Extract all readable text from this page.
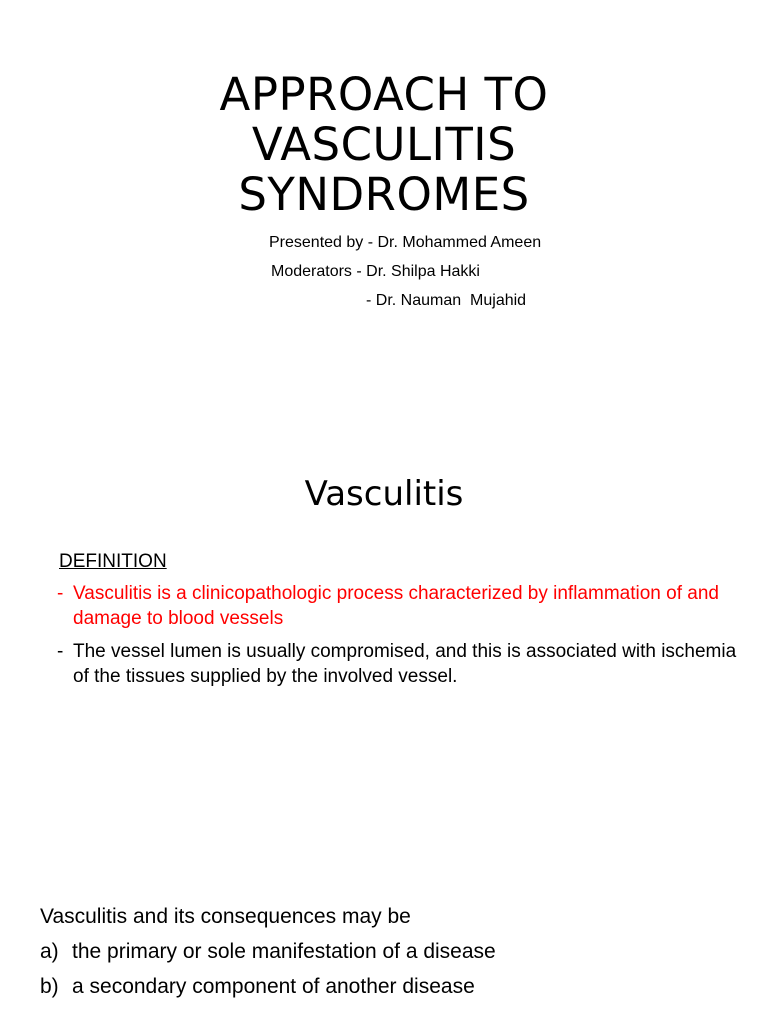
APPROACH TO
VASCULITIS
SYNDROMES
Presented by - Dr. Mohammed Ameen
Moderators - Dr. Shilpa Hakki
- Dr. Nauman  Mujahid
Vasculitis
DEFINITION
- Vasculitis is a clinicopathologic process characterized by inflammation of and damage to blood vessels
- The vessel lumen is usually compromised, and this is associated with ischemia of the tissues supplied by the involved vessel.
Vasculitis and its consequences may be
a) the primary or sole manifestation of a disease
b) a secondary component of another disease
